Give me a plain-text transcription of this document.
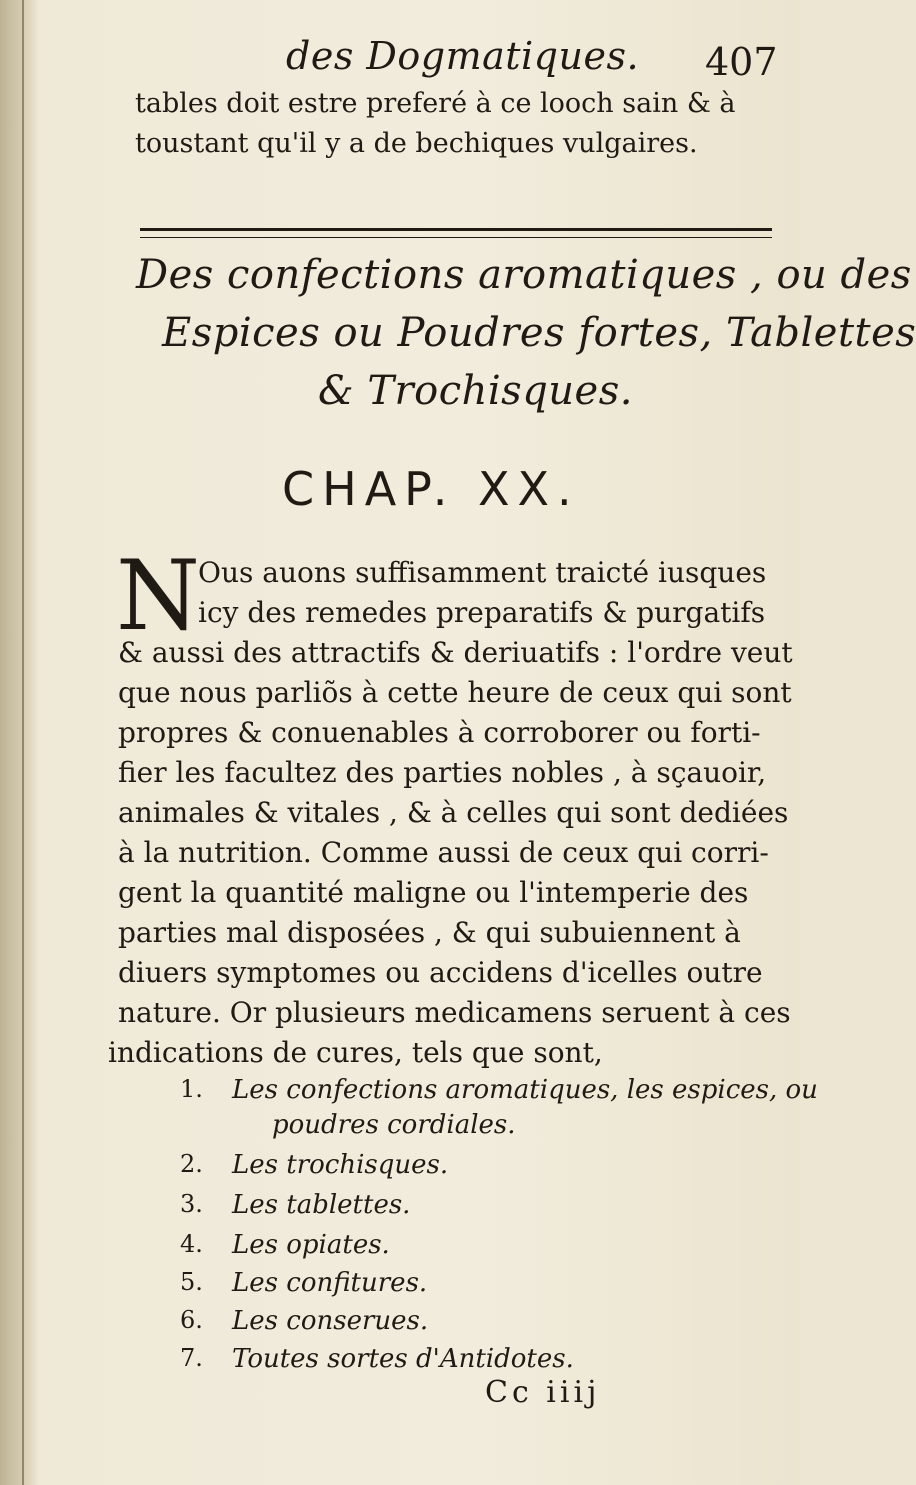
des Dogmatiques. 407
tables doit estre preferé à ce looch sain & à
toustant qu'il y a de bechiques vulgaires.
Des confections aromatiques , ou des
Espices ou Poudres fortes, Tablettes
& Trochisques.
CHAP. XX.
N
Ous auons suffisamment traicté iusques
icy des remedes preparatifs & purgatifs
& aussi des attractifs & deriuatifs : l'ordre veut
que nous parliõs à cette heure de ceux qui sont
propres & conuenables à corroborer ou forti-
fier les facultez des parties nobles , à sçauoir,
animales & vitales , & à celles qui sont dediées
à la nutrition. Comme aussi de ceux qui corri-
gent la quantité maligne ou l'intemperie des
parties mal disposées , & qui subuiennent à
diuers symptomes ou accidens d'icelles outre
nature. Or plusieurs medicamens seruent à ces
indications de cures, tels que sont,
1. Les confections aromatiques, les espices, ou
poudres cordiales.
2. Les trochisques.
3. Les tablettes.
4. Les opiates.
5. Les confitures.
6. Les conserues.
7. Toutes sortes d'Antidotes.
Cc iiij
